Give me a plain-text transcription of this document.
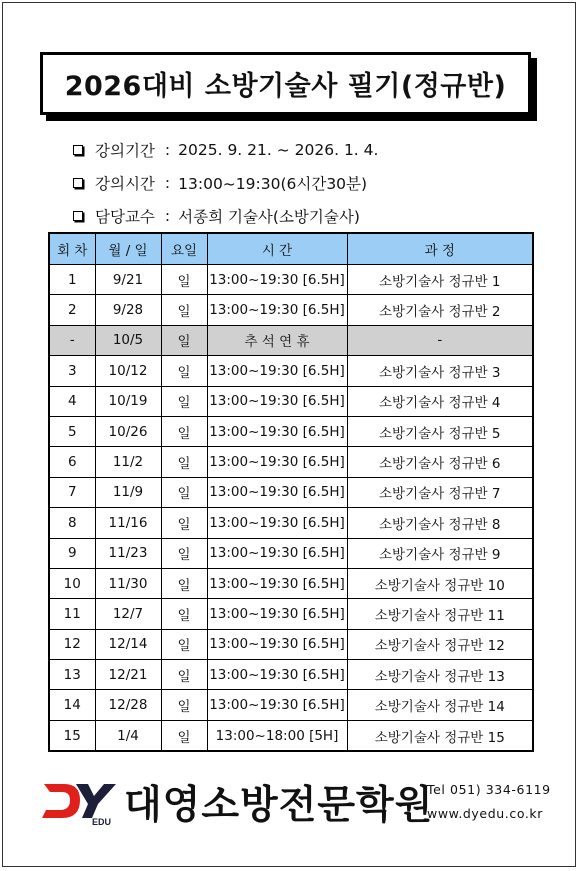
2026대비 소방기술사 필기(정규반)
강의기간 : 2025. 9. 21. ~ 2026. 1. 4.
강의시간 : 13:00~19:30(6시간30분)
담당교수 : 서종희 기술사(소방기술사)
회 차	월 / 일	요일	시 간	과 정
1	9/21	일	13:00~19:30 [6.5H]	소방기술사 정규반 1
2	9/28	일	13:00~19:30 [6.5H]	소방기술사 정규반 2
-	10/5	일	추 석 연 휴	-
3	10/12	일	13:00~19:30 [6.5H]	소방기술사 정규반 3
4	10/19	일	13:00~19:30 [6.5H]	소방기술사 정규반 4
5	10/26	일	13:00~19:30 [6.5H]	소방기술사 정규반 5
6	11/2	일	13:00~19:30 [6.5H]	소방기술사 정규반 6
7	11/9	일	13:00~19:30 [6.5H]	소방기술사 정규반 7
8	11/16	일	13:00~19:30 [6.5H]	소방기술사 정규반 8
9	11/23	일	13:00~19:30 [6.5H]	소방기술사 정규반 9
10	11/30	일	13:00~19:30 [6.5H]	소방기술사 정규반 10
11	12/7	일	13:00~19:30 [6.5H]	소방기술사 정규반 11
12	12/14	일	13:00~19:30 [6.5H]	소방기술사 정규반 12
13	12/21	일	13:00~19:30 [6.5H]	소방기술사 정규반 13
14	12/28	일	13:00~19:30 [6.5H]	소방기술사 정규반 14
15	1/4	일	13:00~18:00 [5H]	소방기술사 정규반 15
EDU 대영소방전문학원
Tel 051) 334-6119
www.dyedu.co.kr
